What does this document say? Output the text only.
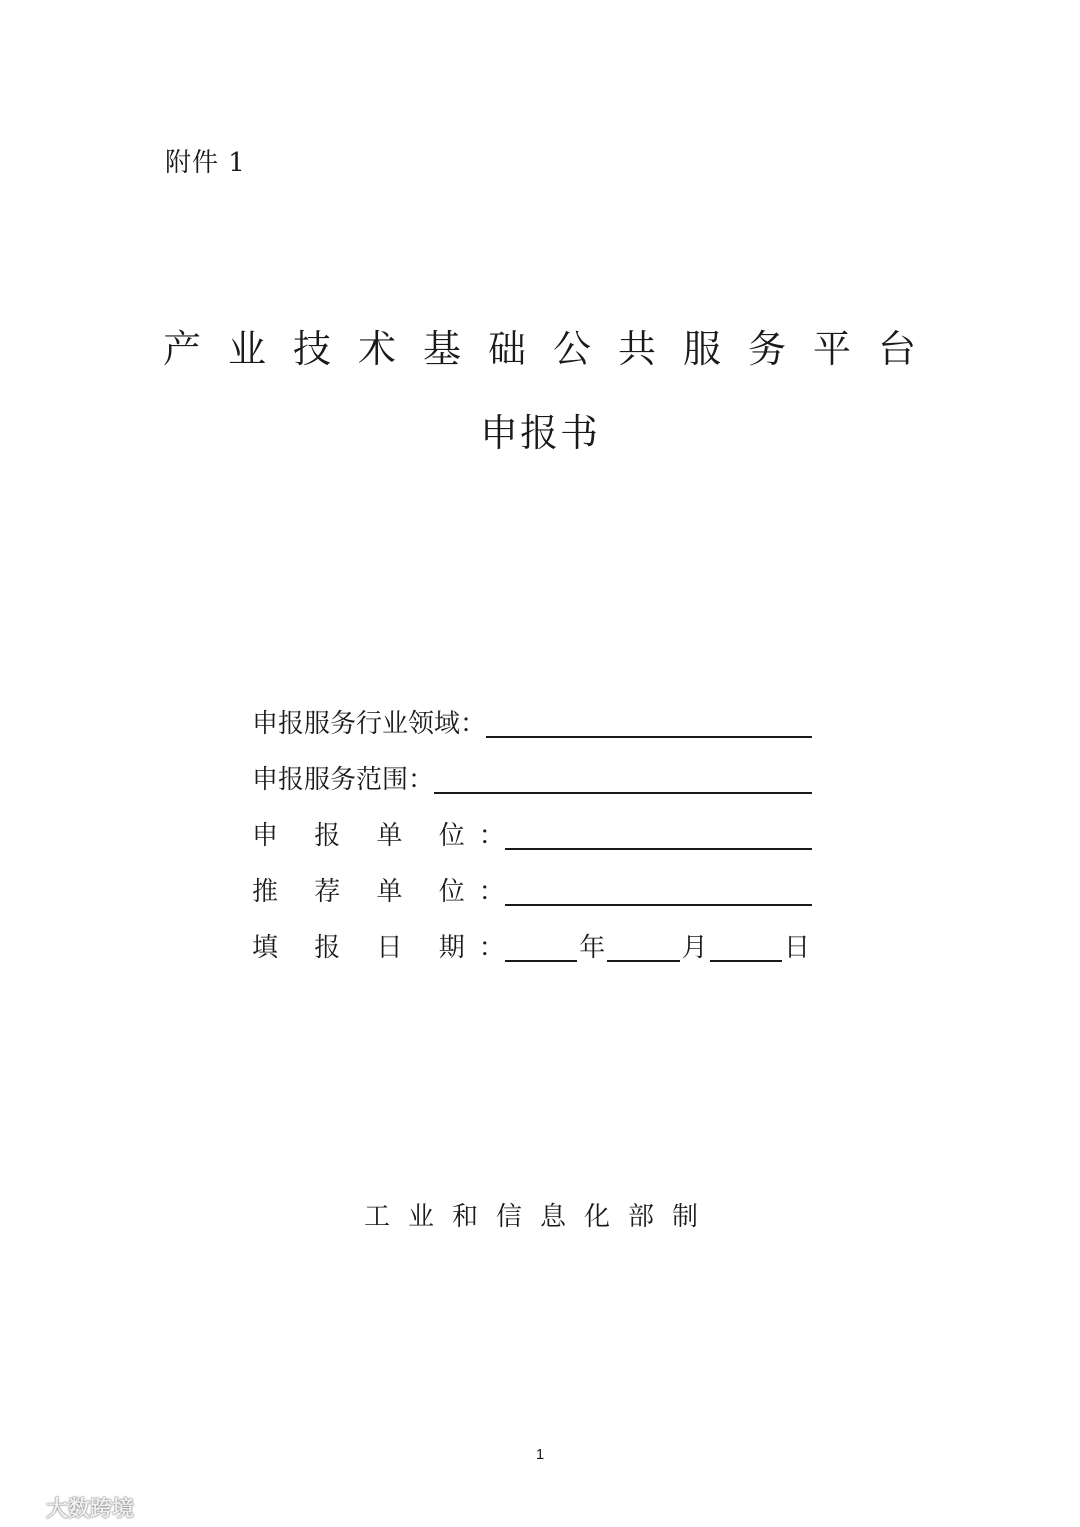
附件 1
产业技术基础公共服务平台
申报书
申报服务行业领域：
申报服务范围：
申 报 单 位 ：
推 荐 单 位 ：
填 报 日 期 ：	年	月	日
工业和信息化部制
1
大数跨境
